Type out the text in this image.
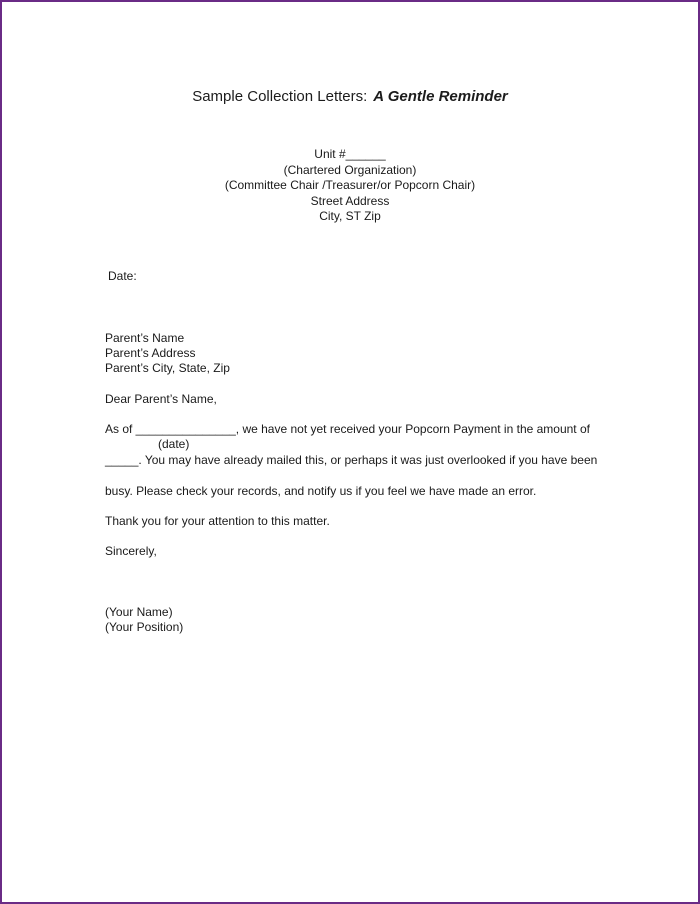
Sample Collection Letters: A Gentle Reminder
Unit #______
(Chartered Organization)
(Committee Chair /Treasurer/or Popcorn Chair)
Street Address
City, ST Zip
Date:
Parent’s Name
Parent’s Address
Parent’s City, State, Zip
Dear Parent’s Name,
As of _______________, we have not yet received your Popcorn Payment in the amount of
(date)
_____. You may have already mailed this, or perhaps it was just overlooked if you have been
busy. Please check your records, and notify us if you feel we have made an error.
Thank you for your attention to this matter.
Sincerely,
(Your Name)
(Your Position)
